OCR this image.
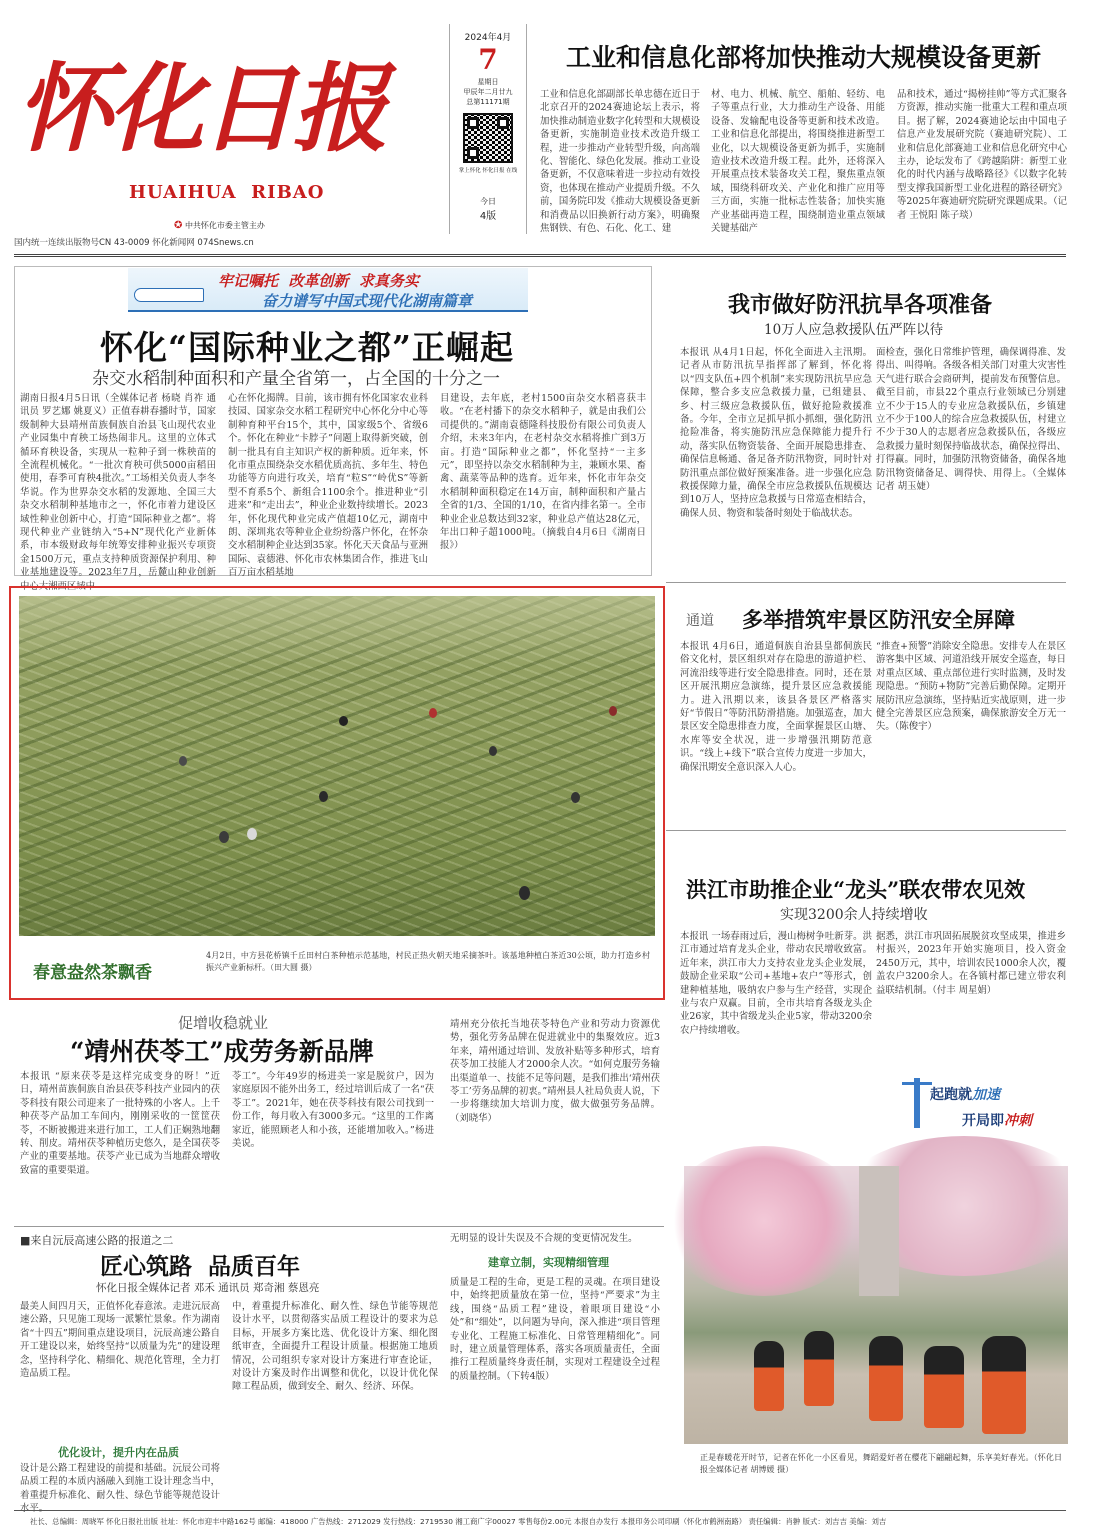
怀化日报
HUAIHUA  RIBAO
✪ 中共怀化市委主管主办
国内统一连续出版物号CN 43-0009 怀化新闻网 074Snews.cn
2024年4月
7
星期日
甲辰年二月廿九
总第11171期
掌上怀化 怀化日报 在线
今日
4版
工业和信息化部将加快推动大规模设备更新
工业和信息化部副部长单忠德在近日于北京召开的2024赛迪论坛上表示，将加快推动制造业数字化转型和大规模设备更新，实施制造业技术改造升级工程，进一步推动产业转型升级，向高端化、智能化、绿色化发展。推动工业设备更新，不仅意味着进一步拉动有效投资，也体现在推动产业提质升级。不久前，国务院印发《推动大规模设备更新和消费品以旧换新行动方案》，明确聚焦钢铁、有色、石化、化工、建
材、电力、机械、航空、船舶、轻纺、电子等重点行业，大力推动生产设备、用能设备、发输配电设备等更新和技术改造。工业和信息化部提出，将围绕推进新型工业化，以大规模设备更新为抓手，实施制造业技术改造升级工程。此外，还将深入开展重点技术装备攻关工程，聚焦重点领域，围绕科研攻关、产业化和推广应用等三方面，实施一批标志性装备；加快实施产业基础再造工程，围绕制造业重点领域关键基础产
品和技术，通过“揭榜挂帅”等方式汇聚各方资源，推动实施一批重大工程和重点项目。据了解，2024赛迪论坛由中国电子信息产业发展研究院（赛迪研究院）、工业和信息化部赛迪工业和信息化研究中心主办，论坛发布了《跨越陷阱：新型工业化的时代内涵与战略路径》《以数字化转型支撑我国新型工业化进程的路径研究》等2025年赛迪研究院研究课题成果。（记者 王悦阳 陈子琰）
牢记嘱托  改革创新  求真务实
奋力谱写中国式现代化湖南篇章
怀化“国际种业之都”正崛起
杂交水稻制种面积和产量全省第一，占全国的十分之一
湖南日报4月5日讯（全媒体记者 杨晓 肖祚 通讯员 罗艺娜 姚夏义）正值春耕春播时节，国家级制种大县靖州苗族侗族自治县飞山现代农业产业园集中育秧工场热闹非凡。这里的立体式循环育秧设备，实现从一粒种子到一株秧苗的全流程机械化。“一批次育秧可供5000亩稻田使用，春季可育秧4批次。”工场相关负责人李冬华说。作为世界杂交水稻的发源地、全国三大杂交水稻制种基地市之一，怀化市着力建设区域性种业创新中心，打造“国际种业之都”。将现代种业产业链纳入“5+N”现代化产业新体系，市本级财政每年统筹安排种业振兴专项资金1500万元，重点支持种质资源保护利用、种业基地建设等。2023年7月，岳麓山种业创新中心大湘西区域中
心在怀化揭牌。目前，该市拥有怀化国家农业科技园、国家杂交水稻工程研究中心怀化分中心等制种育种平台15个，其中，国家级5个、省级6个。怀化在种业“卡脖子”问题上取得新突破，创制一批具有自主知识产权的新种质。近年来，怀化市重点围绕杂交水稻优质高抗、多年生、特色功能等方向进行攻关，培育“粒S”“岭优S”等新型不育系5个、新组合1100余个。推进种业“引进来”和“走出去”，种业企业数持续增长。2023年，怀化现代种业完成产值超10亿元，湖南中朗、深圳兆农等种业企业纷纷落户怀化，在怀杂交水稻制种企业达到35家。怀化天天食品与亚洲国际、袁德港、怀化市农林集团合作，推进飞山百万亩水稻基地
目建设，去年底，老村1500亩杂交水稻喜获丰收。“在老村播下的杂交水稻种子，就是由我们公司提供的。”湖南袁德隆科技股份有限公司负责人介绍，未来3年内，在老村杂交水稻将推广到3万亩。打造“国际种业之都”，怀化坚持“一主多元”，即坚持以杂交水稻制种为主，兼顾水果、畜禽、蔬菜等品种的选育。近年来，怀化市年杂交水稻制种面积稳定在14万亩，制种面积和产量占全省的1/3、全国的1/10，在省内排名第一。全市种业企业总数达到32家，种业总产值达28亿元，年出口种子超1000吨。（摘载自4月6日《湖南日报》）
我市做好防汛抗旱各项准备
10万人应急救援队伍严阵以待
本报讯 从4月1日起，怀化全面进入主汛期。记者从市防汛抗旱指挥部了解到，怀化将以“四支队伍+四个机制”来实现防汛抗旱应急保障，整合多支应急救援力量，已组建县、乡、村三级应急救援队伍，做好抢险救援准备。今年，全市立足抓早抓小抓细，强化防汛抢险准备，将实施防汛应急保障能力提升行动，落实队伍物资装备、全面开展隐患排查、确保信息畅通、备足备齐防汛物资，同时针对防汛重点部位做好预案准备。进一步强化应急救援保障力量，确保全市应急救援队伍规模达到10万人，坚持应急救援与日常巡查相结合，确保人员、物资和装备时刻处于临战状态。
面检查，强化日常维护管理，确保调得准、发得出、叫得响。各级各相关部门对重大灾害性天气进行联合会商研判，提前发布预警信息。截至目前，市县22个重点行业领域已分别建立不少于15人的专业应急救援队伍，乡镇建立不少于100人的综合应急救援队伍，村建立不少于30人的志愿者应急救援队伍，各级应急救援力量时刻保持临战状态，确保拉得出、打得赢。同时，加强防汛物资储备，确保各地防汛物资储备足、调得快、用得上。（全媒体记者 胡玉婕）
春意盎然茶飘香
4月2日，中方县花桥镇千丘田村白茶种植示范基地，村民正热火朝天地采摘茶叶。该基地种植白茶近30公顷，助力打造乡村振兴产业新标杆。（田大圆 摄）
通道 多举措筑牢景区防汛安全屏障
本报讯 4月6日，通道侗族自治县皇都侗族民俗文化村，景区组织对存在隐患的游道护栏、河流沿线等进行安全隐患排查。同时，还在景区开展汛期应急演练，提升景区应急救援能力。进入汛期以来，该县各景区严格落实好“节假日”等防汛防滑措施。加强巡查，加大景区安全隐患排查力度，全面掌握景区山塘、水库等安全状况，进一步增强汛期防范意识。“线上+线下”联合宣传力度进一步加大，确保汛期安全意识深入人心。
“推查+预警”消除安全隐患。安排专人在景区游客集中区域、河道沿线开展安全巡查，每日对重点区域、重点部位进行实时监测，及时发现隐患。“预防+物防”完善后勤保障。定期开展防汛应急演练，坚持贴近实战原则，进一步健全完善景区应急预案，确保旅游安全万无一失。（陈俊宇）
洪江市助推企业“龙头”联农带农见效
实现3200余人持续增收
本报讯 一场春雨过后，漫山梅树争吐新芽。洪江市通过培育龙头企业，带动农民增收致富。近年来，洪江市大力支持农业龙头企业发展，鼓励企业采取“公司+基地+农户”等形式，创建种植基地，吸纳农户参与生产经营，实现企业与农户双赢。目前，全市共培育各级龙头企业26家，其中省级龙头企业5家，带动3200余农户持续增收。
据悉，洪江市巩固拓展脱贫攻坚成果，推进乡村振兴，2023年开始实施项目，投入资金2450万元，其中，培训农民1000余人次，覆盖农户3200余人。在各镇村都已建立带农利益联结机制。（付丰 周星娟）
起跑就加速
开局即冲刺
促增收稳就业
“靖州茯苓工”成劳务新品牌
本报讯 “原来茯苓是这样完成变身的呀！”近日，靖州苗族侗族自治县茯苓科技产业园内的茯苓科技有限公司迎来了一批特殊的小客人。上千种茯苓产品加工车间内，刚刚采收的一筐筐茯苓，不断被搬进来进行加工，工人们正娴熟地翻转、削皮。靖州茯苓种植历史悠久，是全国茯苓产业的重要基地。茯苓产业已成为当地群众增收致富的重要渠道。
苓工”。今年49岁的杨进美一家是脱贫户，因为家庭原因不能外出务工，经过培训后成了一名“茯苓工”。2021年，她在茯苓科技有限公司找到一份工作，每月收入有3000多元。“这里的工作离家近，能照顾老人和小孩，还能增加收入。”杨进美说。
靖州充分依托当地茯苓特色产业和劳动力资源优势，强化劳务品牌在促进就业中的集聚效应。近3年来，靖州通过培训、发放补贴等多种形式，培育茯苓加工技能人才2000余人次。“如何克服劳务输出渠道单一、技能不足等问题，是我们推出‘靖州茯苓工’劳务品牌的初衷。”靖州县人社局负责人说，下一步将继续加大培训力度，做大做强劳务品牌。（刘晓华）
■来自沅辰高速公路的报道之二
匠心筑路  品质百年
怀化日报全媒体记者 邓禾 通讯员 郑奇湘 蔡恩亮
最美人间四月天，正值怀化春意浓。走进沅辰高速公路，只见施工现场一派繁忙景象。作为湖南省“十四五”期间重点建设项目，沅辰高速公路自开工建设以来，始终坚持“以质量为先”的建设理念，坚持科学化、精细化、规范化管理，全力打造品质工程。
优化设计，提升内在品质
设计是公路工程建设的前提和基础。沅辰公司将品质工程的本质内涵融入到施工设计理念当中，着重提升标准化、耐久性、绿色节能等规范设计水平。
中，着重提升标准化、耐久性、绿色节能等规范设计水平，以贯彻落实品质工程设计的要求为总目标，开展多方案比选、优化设计方案、细化图纸审查，全面提升工程设计质量。根据施工地质情况，公司组织专家对设计方案进行审查论证，对设计方案及时作出调整和优化，以设计优化保障工程品质，做到安全、耐久、经济、环保。
无明显的设计失误及不合规的变更情况发生。
建章立制，实现精细管理
质量是工程的生命，更是工程的灵魂。在项目建设中，始终把质量放在第一位，坚持“严要求”为主线，围绕“品质工程”建设，着眼项目建设“小处”和“细处”，以问题为导向，深入推进“项目管理专业化、工程施工标准化、日常管理精细化”。同时，建立质量管理体系，落实各项质量责任，全面推行工程质量终身责任制，实现对工程建设全过程的质量控制。（下转4版）
正是春暖花开时节，记者在怀化一小区看见，舞蹈爱好者在樱花下翩翩起舞，乐享美好春光。（怀化日报全媒体记者 胡博媛 摄）
社长、总编辑：周晓军 怀化日报社出版 社址：怀化市迎丰中路162号 邮编：418000 广告热线：2712029 发行热线：2719530 湘工商广字00027 零售每份2.00元 本报自办发行 本报印务公司印刷（怀化市鹤洲南路） 责任编辑：肖翀 版式：刘吉吉 美编：刘吉
